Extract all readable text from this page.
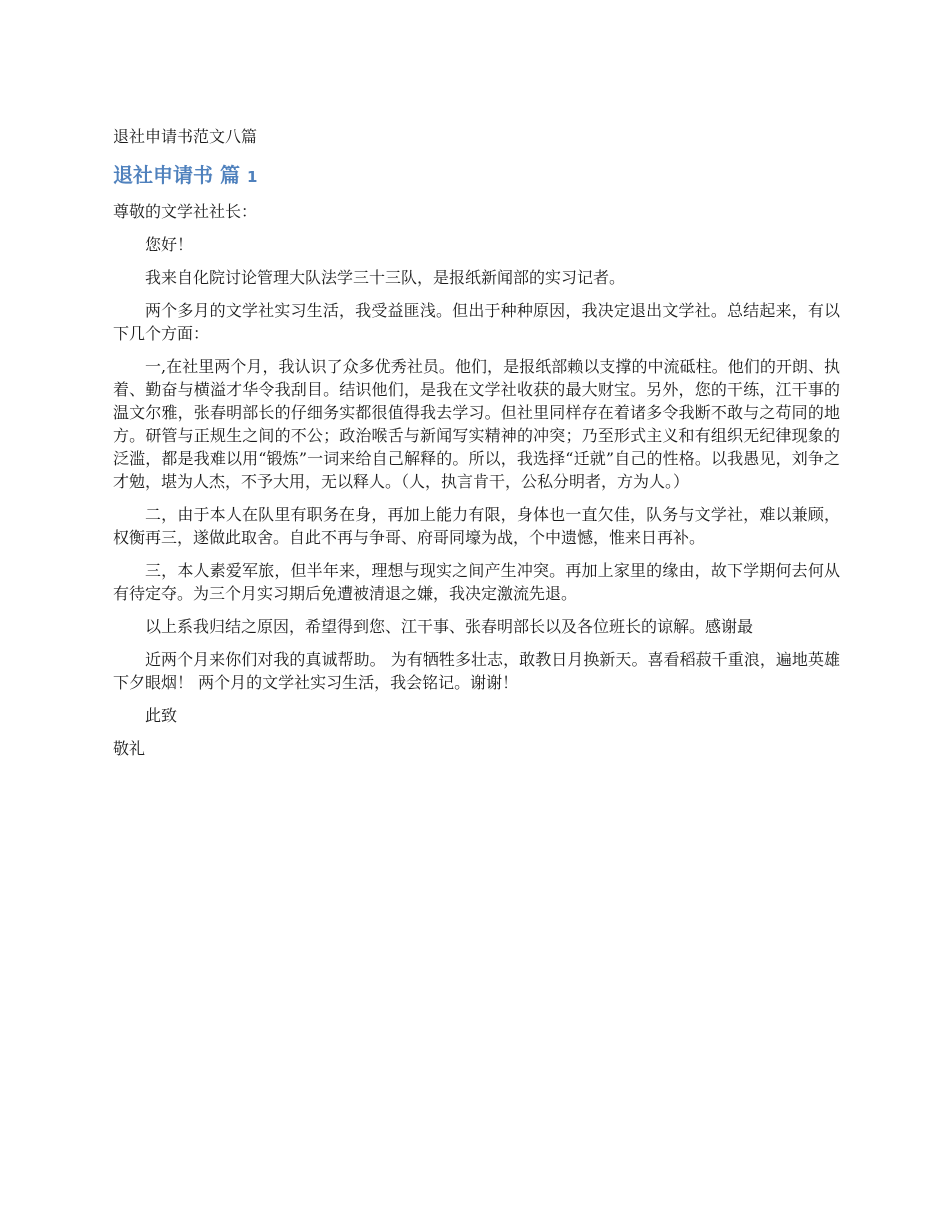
退社申请书范文八篇
退社申请书 篇 1

尊敬的文学社社长：

您好！

我来自化院讨论管理大队法学三十三队，是报纸新闻部的实习记者。

两个多月的文学社实习生活，我受益匪浅。但出于种种原因，我决定退出文学社。总结起来，有以下几个方面：

一,在社里两个月，我认识了众多优秀社员。他们，是报纸部赖以支撑的中流砥柱。他们的开朗、执着、勤奋与横溢才华令我刮目。结识他们，是我在文学社收获的最大财宝。另外，您的干练，江干事的温文尔雅，张春明部长的仔细务实都很值得我去学习。但社里同样存在着诸多令我断不敢与之苟同的地方。研管与正规生之间的不公；政治喉舌与新闻写实精神的冲突；乃至形式主义和有组织无纪律现象的泛滥，都是我难以用“锻炼”一词来给自己解释的。所以，我选择“迁就”自己的性格。以我愚见，刘争之才勉，堪为人杰，不予大用，无以释人。（人，执言肯干，公私分明者，方为人。）

二，由于本人在队里有职务在身，再加上能力有限，身体也一直欠佳，队务与文学社，难以兼顾，权衡再三，遂做此取舍。自此不再与争哥、府哥同壕为战，个中遗憾，惟来日再补。

三，本人素爱军旅，但半年来，理想与现实之间产生冲突。再加上家里的缘由，故下学期何去何从有待定夺。为三个月实习期后免遭被清退之嫌，我决定激流先退。

以上系我归结之原因，希望得到您、江干事、张春明部长以及各位班长的谅解。感谢最

近两个月来你们对我的真诚帮助。 为有牺牲多壮志，敢教日月换新天。喜看稻菽千重浪，遍地英雄下夕眼烟！ 两个月的文学社实习生活，我会铭记。谢谢！

此致

敬礼
